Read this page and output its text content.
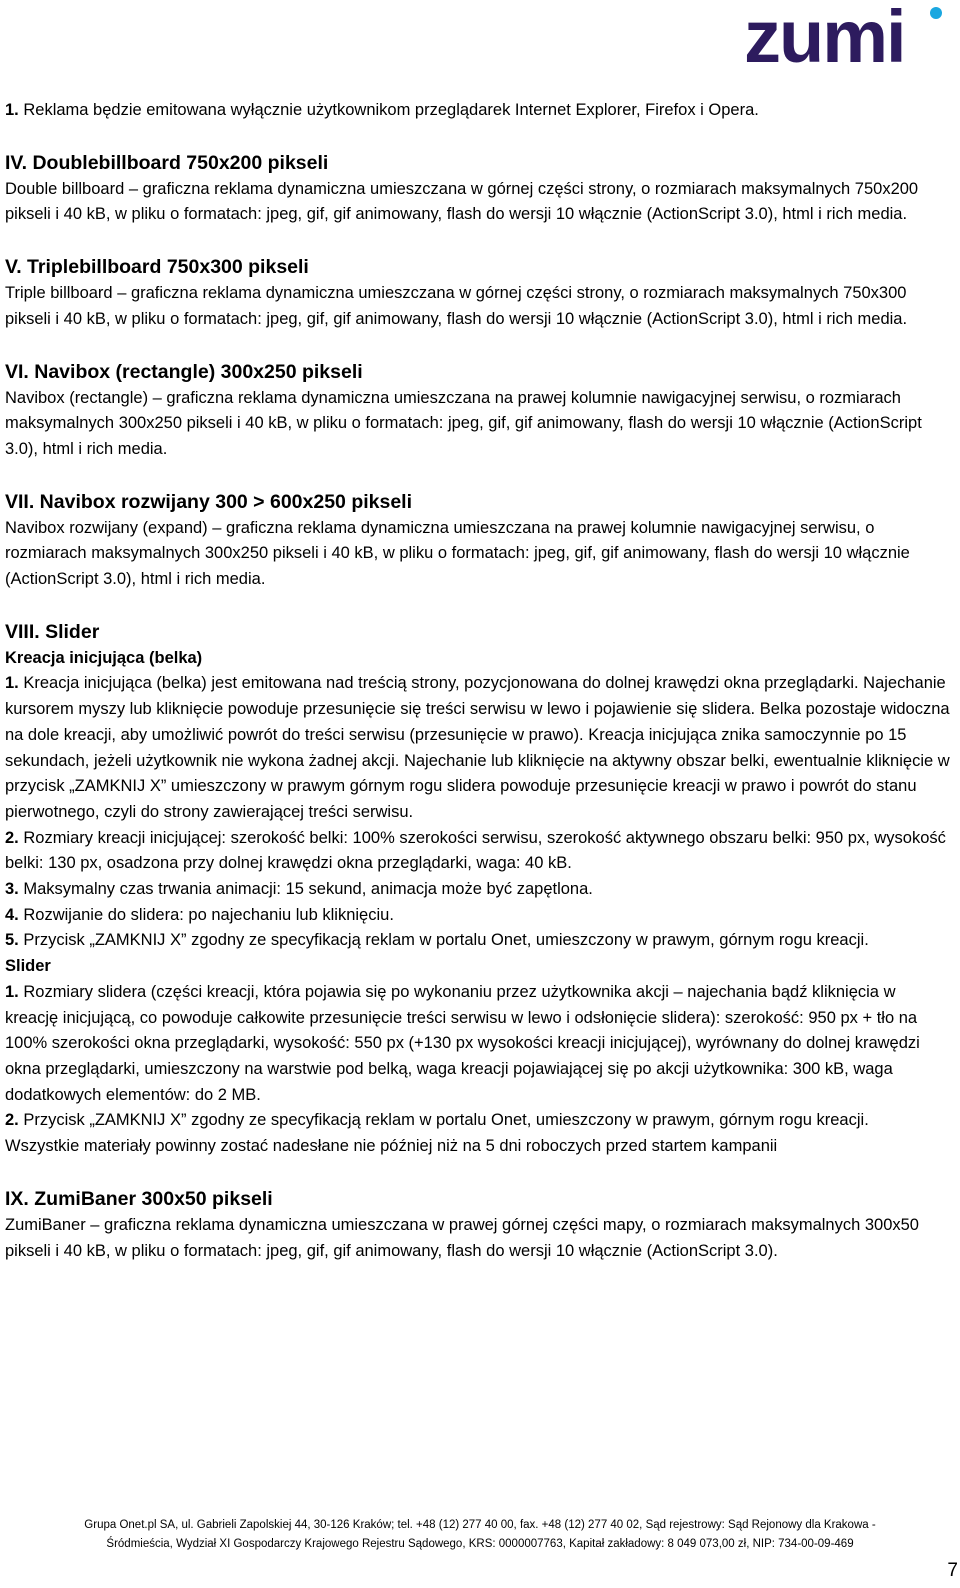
zumi

1. Reklama będzie emitowana wyłącznie użytkownikom przeglądarek Internet Explorer, Firefox i Opera.

IV. Doublebillboard 750x200 pikseli

Double billboard – graficzna reklama dynamiczna umieszczana w górnej części strony, o rozmiarach maksymalnych 750x200 pikseli i 40 kB, w pliku o formatach: jpeg, gif, gif animowany, flash do wersji 10 włącznie (ActionScript 3.0), html i rich media.

V. Triplebillboard 750x300 pikseli

Triple billboard – graficzna reklama dynamiczna umieszczana w górnej części strony, o rozmiarach maksymalnych 750x300 pikseli i 40 kB, w pliku o formatach: jpeg, gif, gif animowany, flash do wersji 10 włącznie (ActionScript 3.0), html i rich media.

VI. Navibox (rectangle) 300x250 pikseli

Navibox (rectangle) – graficzna reklama dynamiczna umieszczana na prawej kolumnie nawigacyjnej serwisu, o rozmiarach maksymalnych 300x250 pikseli i 40 kB, w pliku o formatach: jpeg, gif, gif animowany, flash do wersji 10 włącznie (ActionScript 3.0), html i rich media.

VII. Navibox rozwijany 300 > 600x250 pikseli

Navibox rozwijany (expand) – graficzna reklama dynamiczna umieszczana na prawej kolumnie nawigacyjnej serwisu, o rozmiarach maksymalnych 300x250 pikseli i 40 kB, w pliku o formatach: jpeg, gif, gif animowany, flash do wersji 10 włącznie (ActionScript 3.0), html i rich media.

VIII. Slider

Kreacja inicjująca (belka)

1. Kreacja inicjująca (belka) jest emitowana nad treścią strony, pozycjonowana do dolnej krawędzi okna przeglądarki. Najechanie kursorem myszy lub kliknięcie powoduje przesunięcie się treści serwisu w lewo i pojawienie się slidera. Belka pozostaje widoczna na dole kreacji, aby umożliwić powrót do treści serwisu (przesunięcie w prawo). Kreacja inicjująca znika samoczynnie po 15 sekundach, jeżeli użytkownik nie wykona żadnej akcji. Najechanie lub kliknięcie na aktywny obszar belki, ewentualnie kliknięcie w przycisk „ZAMKNIJ X” umieszczony w prawym górnym rogu slidera powoduje przesunięcie kreacji w prawo i powrót do stanu pierwotnego, czyli do strony zawierającej treści serwisu.

2. Rozmiary kreacji inicjującej: szerokość belki: 100% szerokości serwisu, szerokość aktywnego obszaru belki: 950 px, wysokość belki: 130 px, osadzona przy dolnej krawędzi okna przeglądarki, waga: 40 kB.

3. Maksymalny czas trwania animacji: 15 sekund, animacja może być zapętlona.

4. Rozwijanie do slidera: po najechaniu lub kliknięciu.

5. Przycisk „ZAMKNIJ X” zgodny ze specyfikacją reklam w portalu Onet, umieszczony w prawym, górnym rogu kreacji.

Slider

1. Rozmiary slidera (części kreacji, która pojawia się po wykonaniu przez użytkownika akcji – najechania bądź kliknięcia w kreację inicjującą, co powoduje całkowite przesunięcie treści serwisu w lewo i odsłonięcie slidera): szerokość: 950 px + tło na 100% szerokości okna przeglądarki, wysokość: 550 px (+130 px wysokości kreacji inicjującej), wyrównany do dolnej krawędzi okna przeglądarki, umieszczony na warstwie pod belką, waga kreacji pojawiającej się po akcji użytkownika: 300 kB, waga dodatkowych elementów: do 2 MB.

2. Przycisk „ZAMKNIJ X” zgodny ze specyfikacją reklam w portalu Onet, umieszczony w prawym, górnym rogu kreacji.

Wszystkie materiały powinny zostać nadesłane nie później niż na 5 dni roboczych przed startem kampanii

IX. ZumiBaner 300x50 pikseli

ZumiBaner – graficzna reklama dynamiczna umieszczana w prawej górnej części mapy, o rozmiarach maksymalnych 300x50 pikseli i 40 kB, w pliku o formatach: jpeg, gif, gif animowany, flash do wersji 10 włącznie (ActionScript 3.0).

Grupa Onet.pl SA, ul. Gabrieli Zapolskiej 44, 30-126 Kraków; tel. +48 (12) 277 40 00, fax. +48 (12) 277 40 02, Sąd rejestrowy: Sąd Rejonowy dla Krakowa -
Śródmieścia, Wydział XI Gospodarczy Krajowego Rejestru Sądowego, KRS: 0000007763, Kapitał zakładowy: 8 049 073,00 zł, NIP: 734-00-09-469
7
